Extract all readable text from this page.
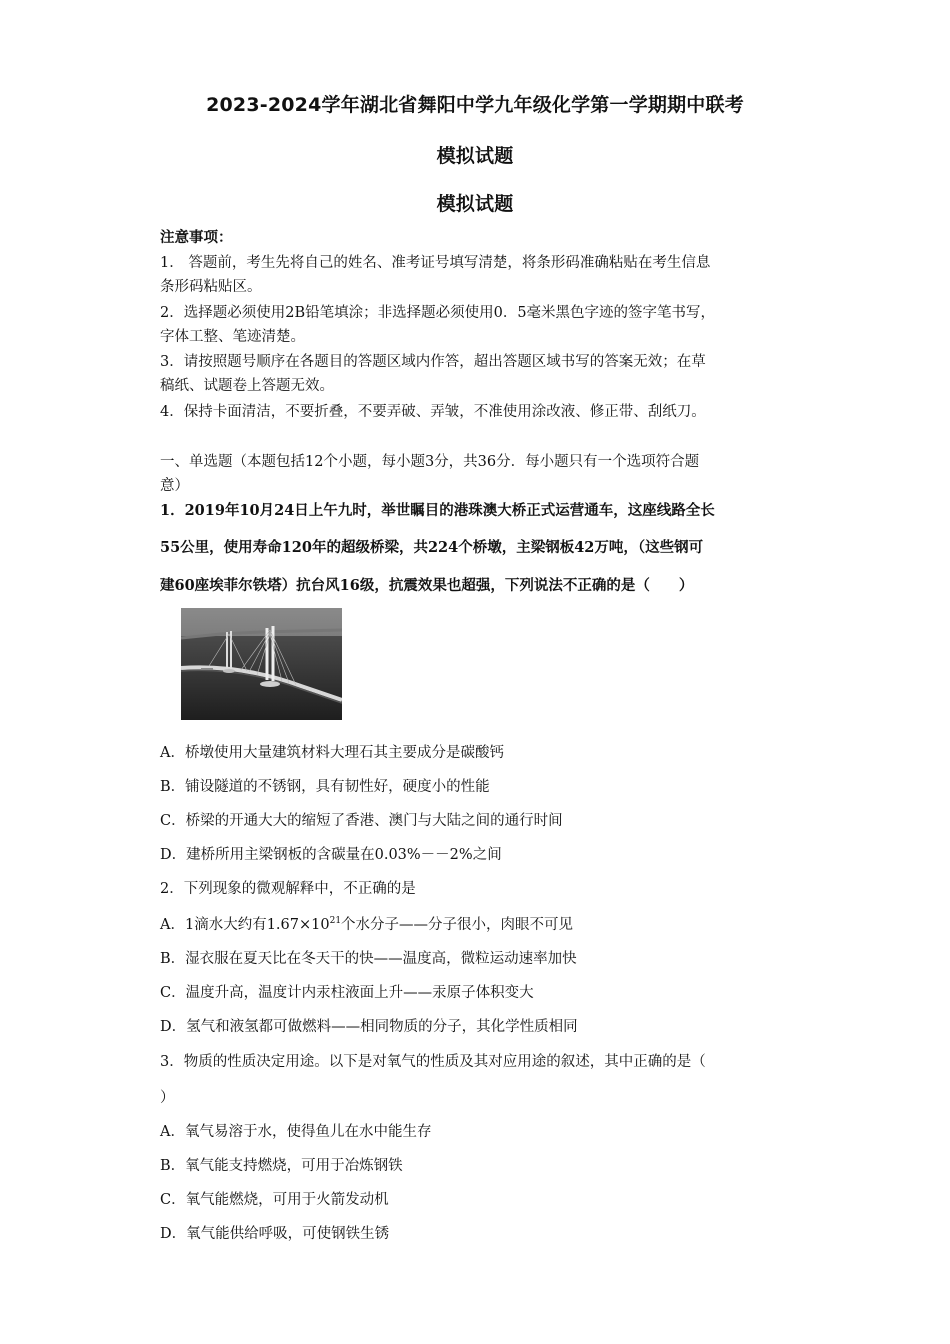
2023-2024学年湖北省舞阳中学九年级化学第一学期期中联考
模拟试题
模拟试题
注意事项：
1． 答题前，考生先将自己的姓名、准考证号填写清楚，将条形码准确粘贴在考生信息
条形码粘贴区。
2．选择题必须使用2B铅笔填涂；非选择题必须使用0．5毫米黑色字迹的签字笔书写，
字体工整、笔迹清楚。
3．请按照题号顺序在各题目的答题区域内作答，超出答题区域书写的答案无效；在草
稿纸、试题卷上答题无效。
4．保持卡面清洁，不要折叠，不要弄破、弄皱，不准使用涂改液、修正带、刮纸刀。
一、单选题（本题包括12个小题，每小题3分，共36分．每小题只有一个选项符合题
意）
1．2019年10月24日上午九时，举世瞩目的港珠澳大桥正式运营通车，这座线路全长
55公里，使用寿命120年的超级桥梁，共224个桥墩，主梁钢板42万吨，（这些钢可
建60座埃菲尔铁塔）抗台风16级，抗震效果也超强，下列说法不正确的是（　　）
A．桥墩使用大量建筑材料大理石其主要成分是碳酸钙
B．铺设隧道的不锈钢，具有韧性好，硬度小的性能
C．桥梁的开通大大的缩短了香港、澳门与大陆之间的通行时间
D．建桥所用主梁钢板的含碳量在0.03%－－2%之间
2．下列现象的微观解释中，不正确的是
A．1滴水大约有$1.67\times 10^{21}$个水分子——分子很小，肉眼不可见
B．湿衣服在夏天比在冬天干的快——温度高，微粒运动速率加快
C．温度升高，温度计内汞柱液面上升——汞原子体积变大
D．氢气和液氢都可做燃料——相同物质的分子，其化学性质相同
3．物质的性质决定用途。以下是对氧气的性质及其对应用途的叙述，其中正确的是（
）
A．氧气易溶于水，使得鱼儿在水中能生存
B．氧气能支持燃烧，可用于冶炼钢铁
C．氧气能燃烧，可用于火箭发动机
D．氧气能供给呼吸，可使钢铁生锈
